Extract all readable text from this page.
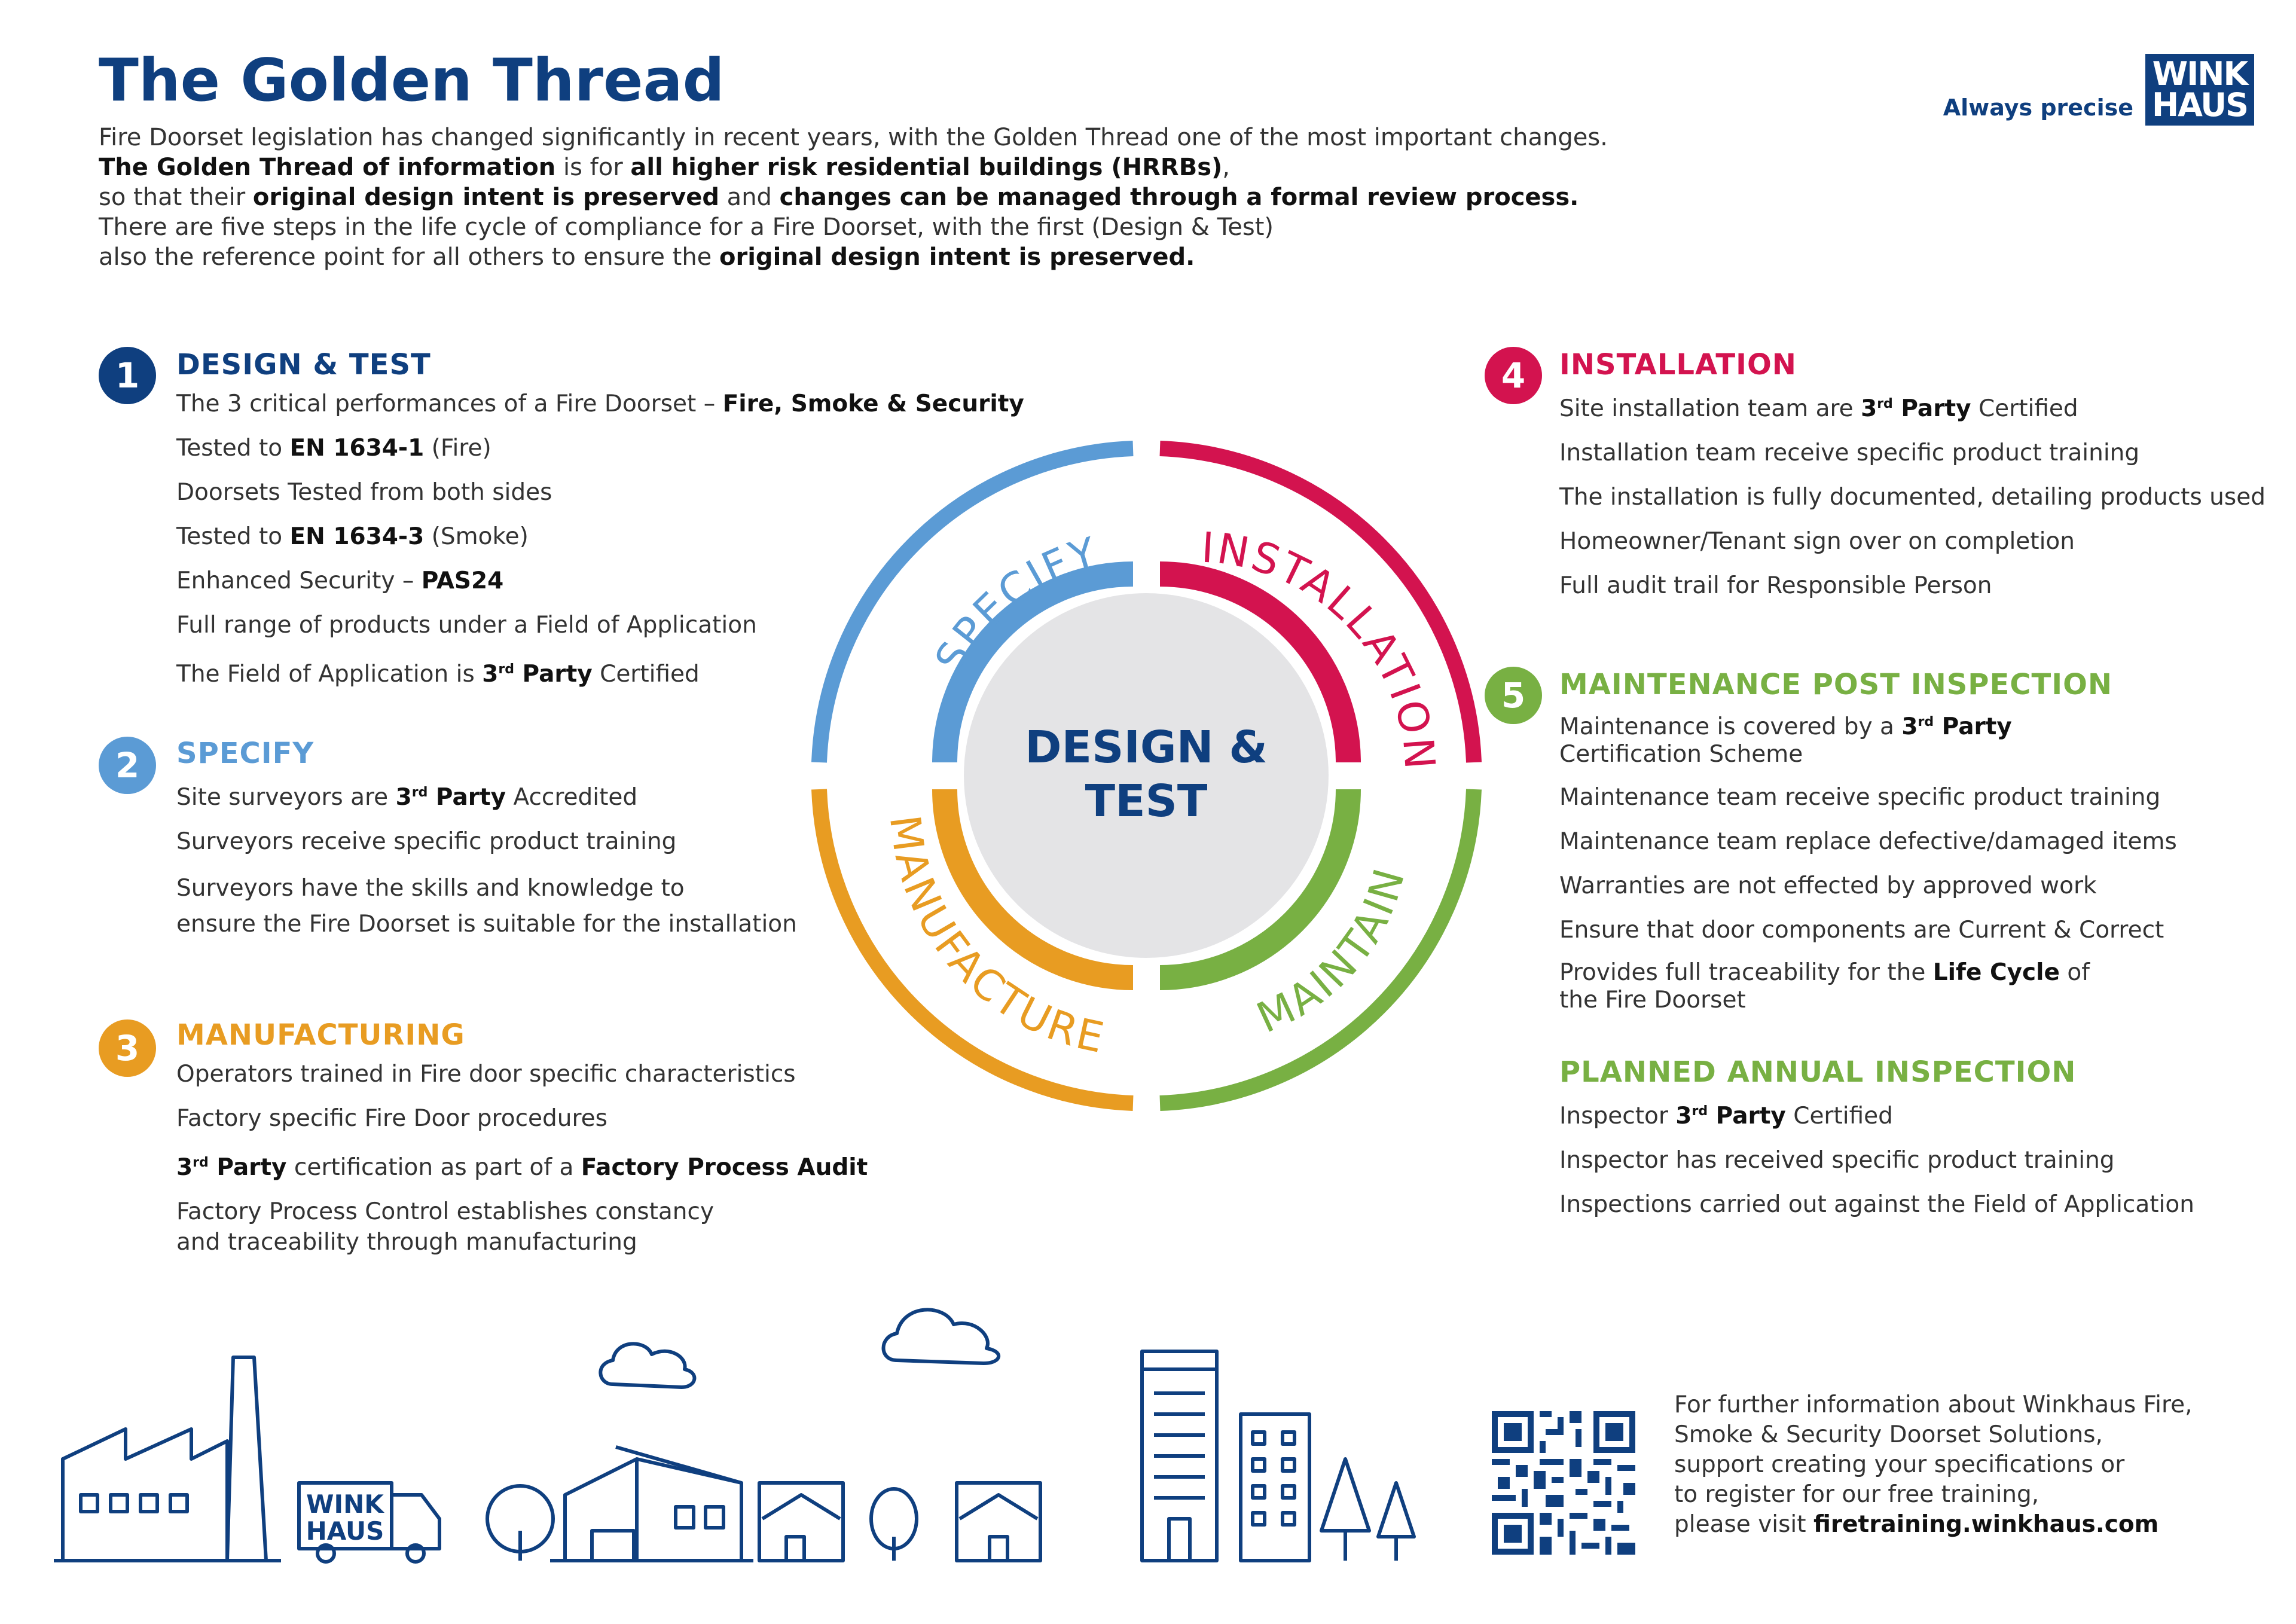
The Golden Thread
Fire Doorset legislation has changed significantly in recent years, with the Golden Thread one of the most important changes.
The Golden Thread of information is for all higher risk residential buildings (HRRBs),
so that their original design intent is preserved and changes can be managed through a formal review process.
There are five steps in the life cycle of compliance for a Fire Doorset, with the first (Design & Test)
also the reference point for all others to ensure the original design intent is preserved.
Always precise
WINK
HAUS
1	DESIGN & TEST
The 3 critical performances of a Fire Doorset – Fire, Smoke & Security
Tested to EN 1634-1 (Fire)
Doorsets Tested from both sides
Tested to EN 1634-3 (Smoke)
Enhanced Security – PAS24
Full range of products under a Field of Application
The Field of Application is 3rd Party Certified
2	SPECIFY
Site surveyors are 3rd Party Accredited
Surveyors receive specific product training
Surveyors have the skills and knowledge to
ensure the Fire Doorset is suitable for the installation
3	MANUFACTURING
Operators trained in Fire door specific characteristics
Factory specific Fire Door procedures
3rd Party certification as part of a Factory Process Audit
Factory Process Control establishes constancy
and traceability through manufacturing
4	INSTALLATION
Site installation team are 3rd Party Certified
Installation team receive specific product training
The installation is fully documented, detailing products used
Homeowner/Tenant sign over on completion
Full audit trail for Responsible Person
5	MAINTENANCE POST INSPECTION
Maintenance is covered by a 3rd Party
Certification Scheme
Maintenance team receive specific product training
Maintenance team replace defective/damaged items
Warranties are not effected by approved work
Ensure that door components are Current & Correct
Provides full traceability for the Life Cycle of
the Fire Doorset
PLANNED ANNUAL INSPECTION
Inspector 3rd Party Certified
Inspector has received specific product training
Inspections carried out against the Field of Application
DESIGN &
TEST
SPECIFY INSTALLATION
MAINTAIN
MANUFACTURE
WINK
HAUS
For further information about Winkhaus Fire,
Smoke & Security Doorset Solutions,
support creating your specifications or
to register for our free training,
please visit firetraining.winkhaus.com
